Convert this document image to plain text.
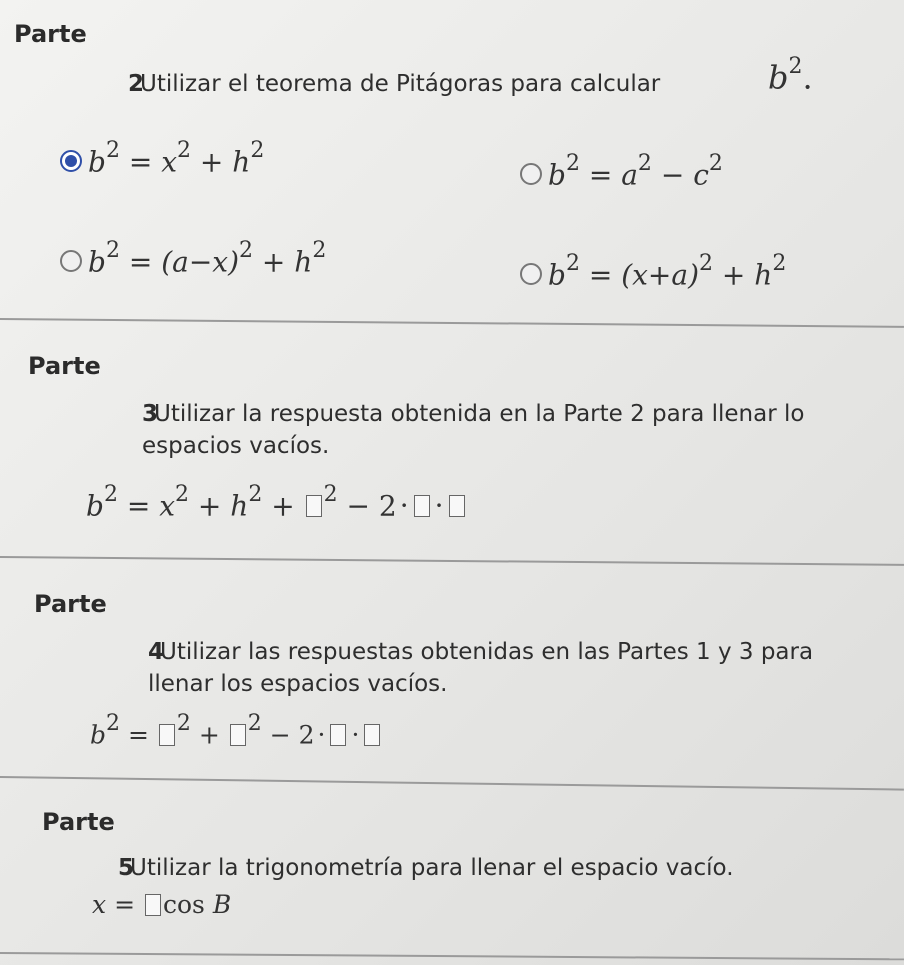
Parte
2Utilizar el teorema de Pitágoras para calcular	$b^2$.
$b^2 = x^2 + h^2$
$b^2 = a^2 - c^2$
$b^2 = (a-x)^2 + h^2$
$b^2 = (x+a)^2 + h^2$
Parte
3Utilizar la respuesta obtenida en la Parte 2 para llenar lo
espacios vacíos.
$b^2 = x^2 + h^2 + ^2 - 2$ · ·
Parte
4Utilizar las respuestas obtenidas en las Partes 1 y 3 para
llenar los espacios vacíos.
$b^2 = ^2 + ^2 - 2$ · ·
Parte
5Utilizar la trigonometría para llenar el espacio vacío.
x = cos B
